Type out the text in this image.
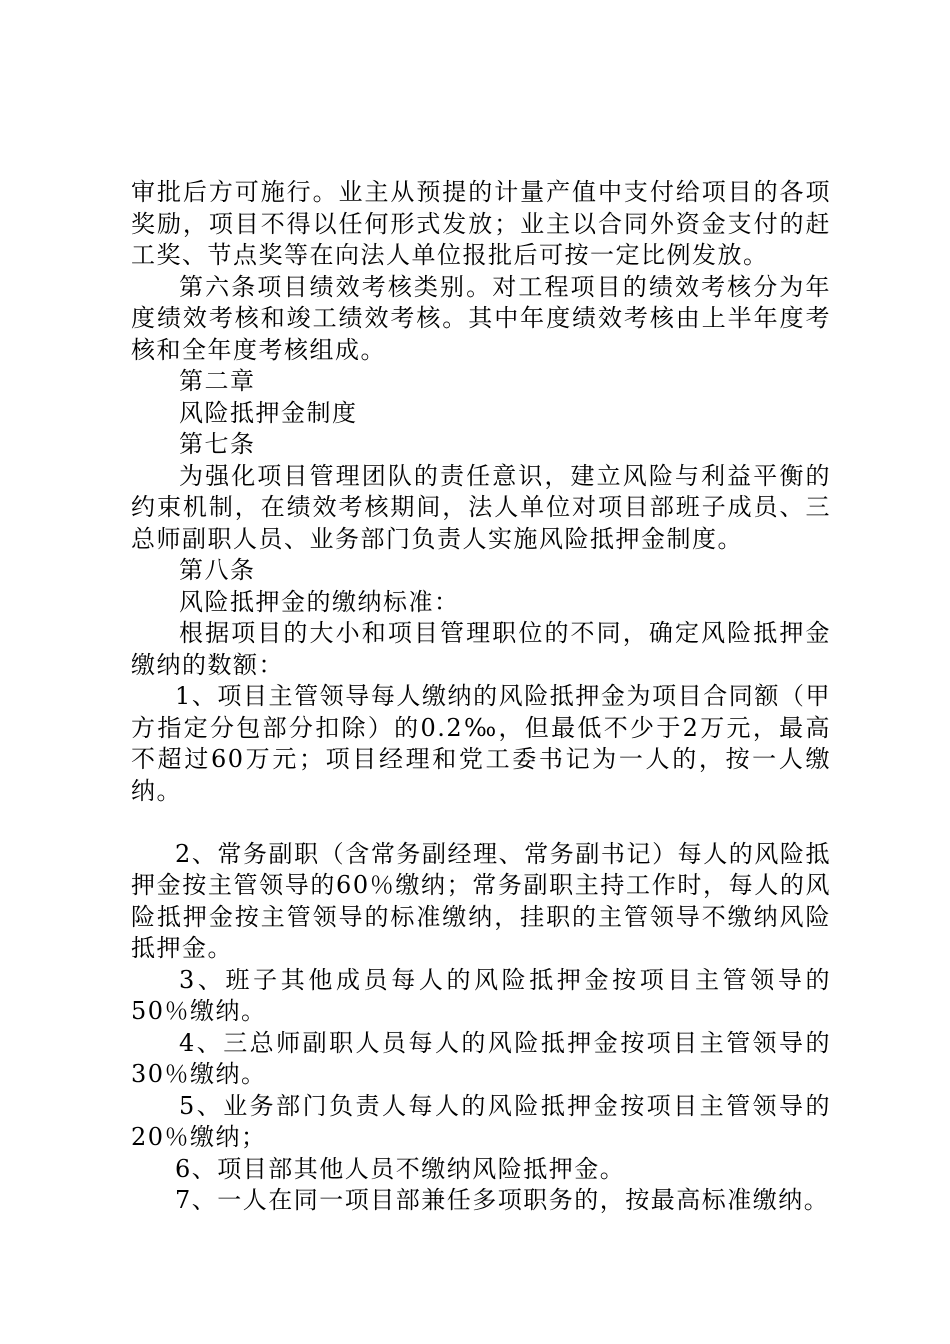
审批后方可施行。业主从预提的计量产值中支付给项目的各项奖励，项目不得以任何形式发放；业主以合同外资金支付的赶工奖、节点奖等在向法人单位报批后可按一定比例发放。

第六条项目绩效考核类别。对工程项目的绩效考核分为年度绩效考核和竣工绩效考核。其中年度绩效考核由上半年度考核和全年度考核组成。

第二章

风险抵押金制度

第七条

为强化项目管理团队的责任意识，建立风险与利益平衡的约束机制，在绩效考核期间，法人单位对项目部班子成员、三总师副职人员、业务部门负责人实施风险抵押金制度。

第八条

风险抵押金的缴纳标准：

根据项目的大小和项目管理职位的不同，确定风险抵押金缴纳的数额：

1、项目主管领导每人缴纳的风险抵押金为项目合同额（甲方指定分包部分扣除）的0.2‰，但最低不少于2万元，最高不超过60万元；项目经理和党工委书记为一人的，按一人缴纳。

2、常务副职（含常务副经理、常务副书记）每人的风险抵押金按主管领导的60％缴纳；常务副职主持工作时，每人的风险抵押金按主管领导的标准缴纳，挂职的主管领导不缴纳风险抵押金。

3、班子其他成员每人的风险抵押金按项目主管领导的50％缴纳。

4、三总师副职人员每人的风险抵押金按项目主管领导的30％缴纳。

5、业务部门负责人每人的风险抵押金按项目主管领导的20％缴纳；

6、项目部其他人员不缴纳风险抵押金。

7、一人在同一项目部兼任多项职务的，按最高标准缴纳。
